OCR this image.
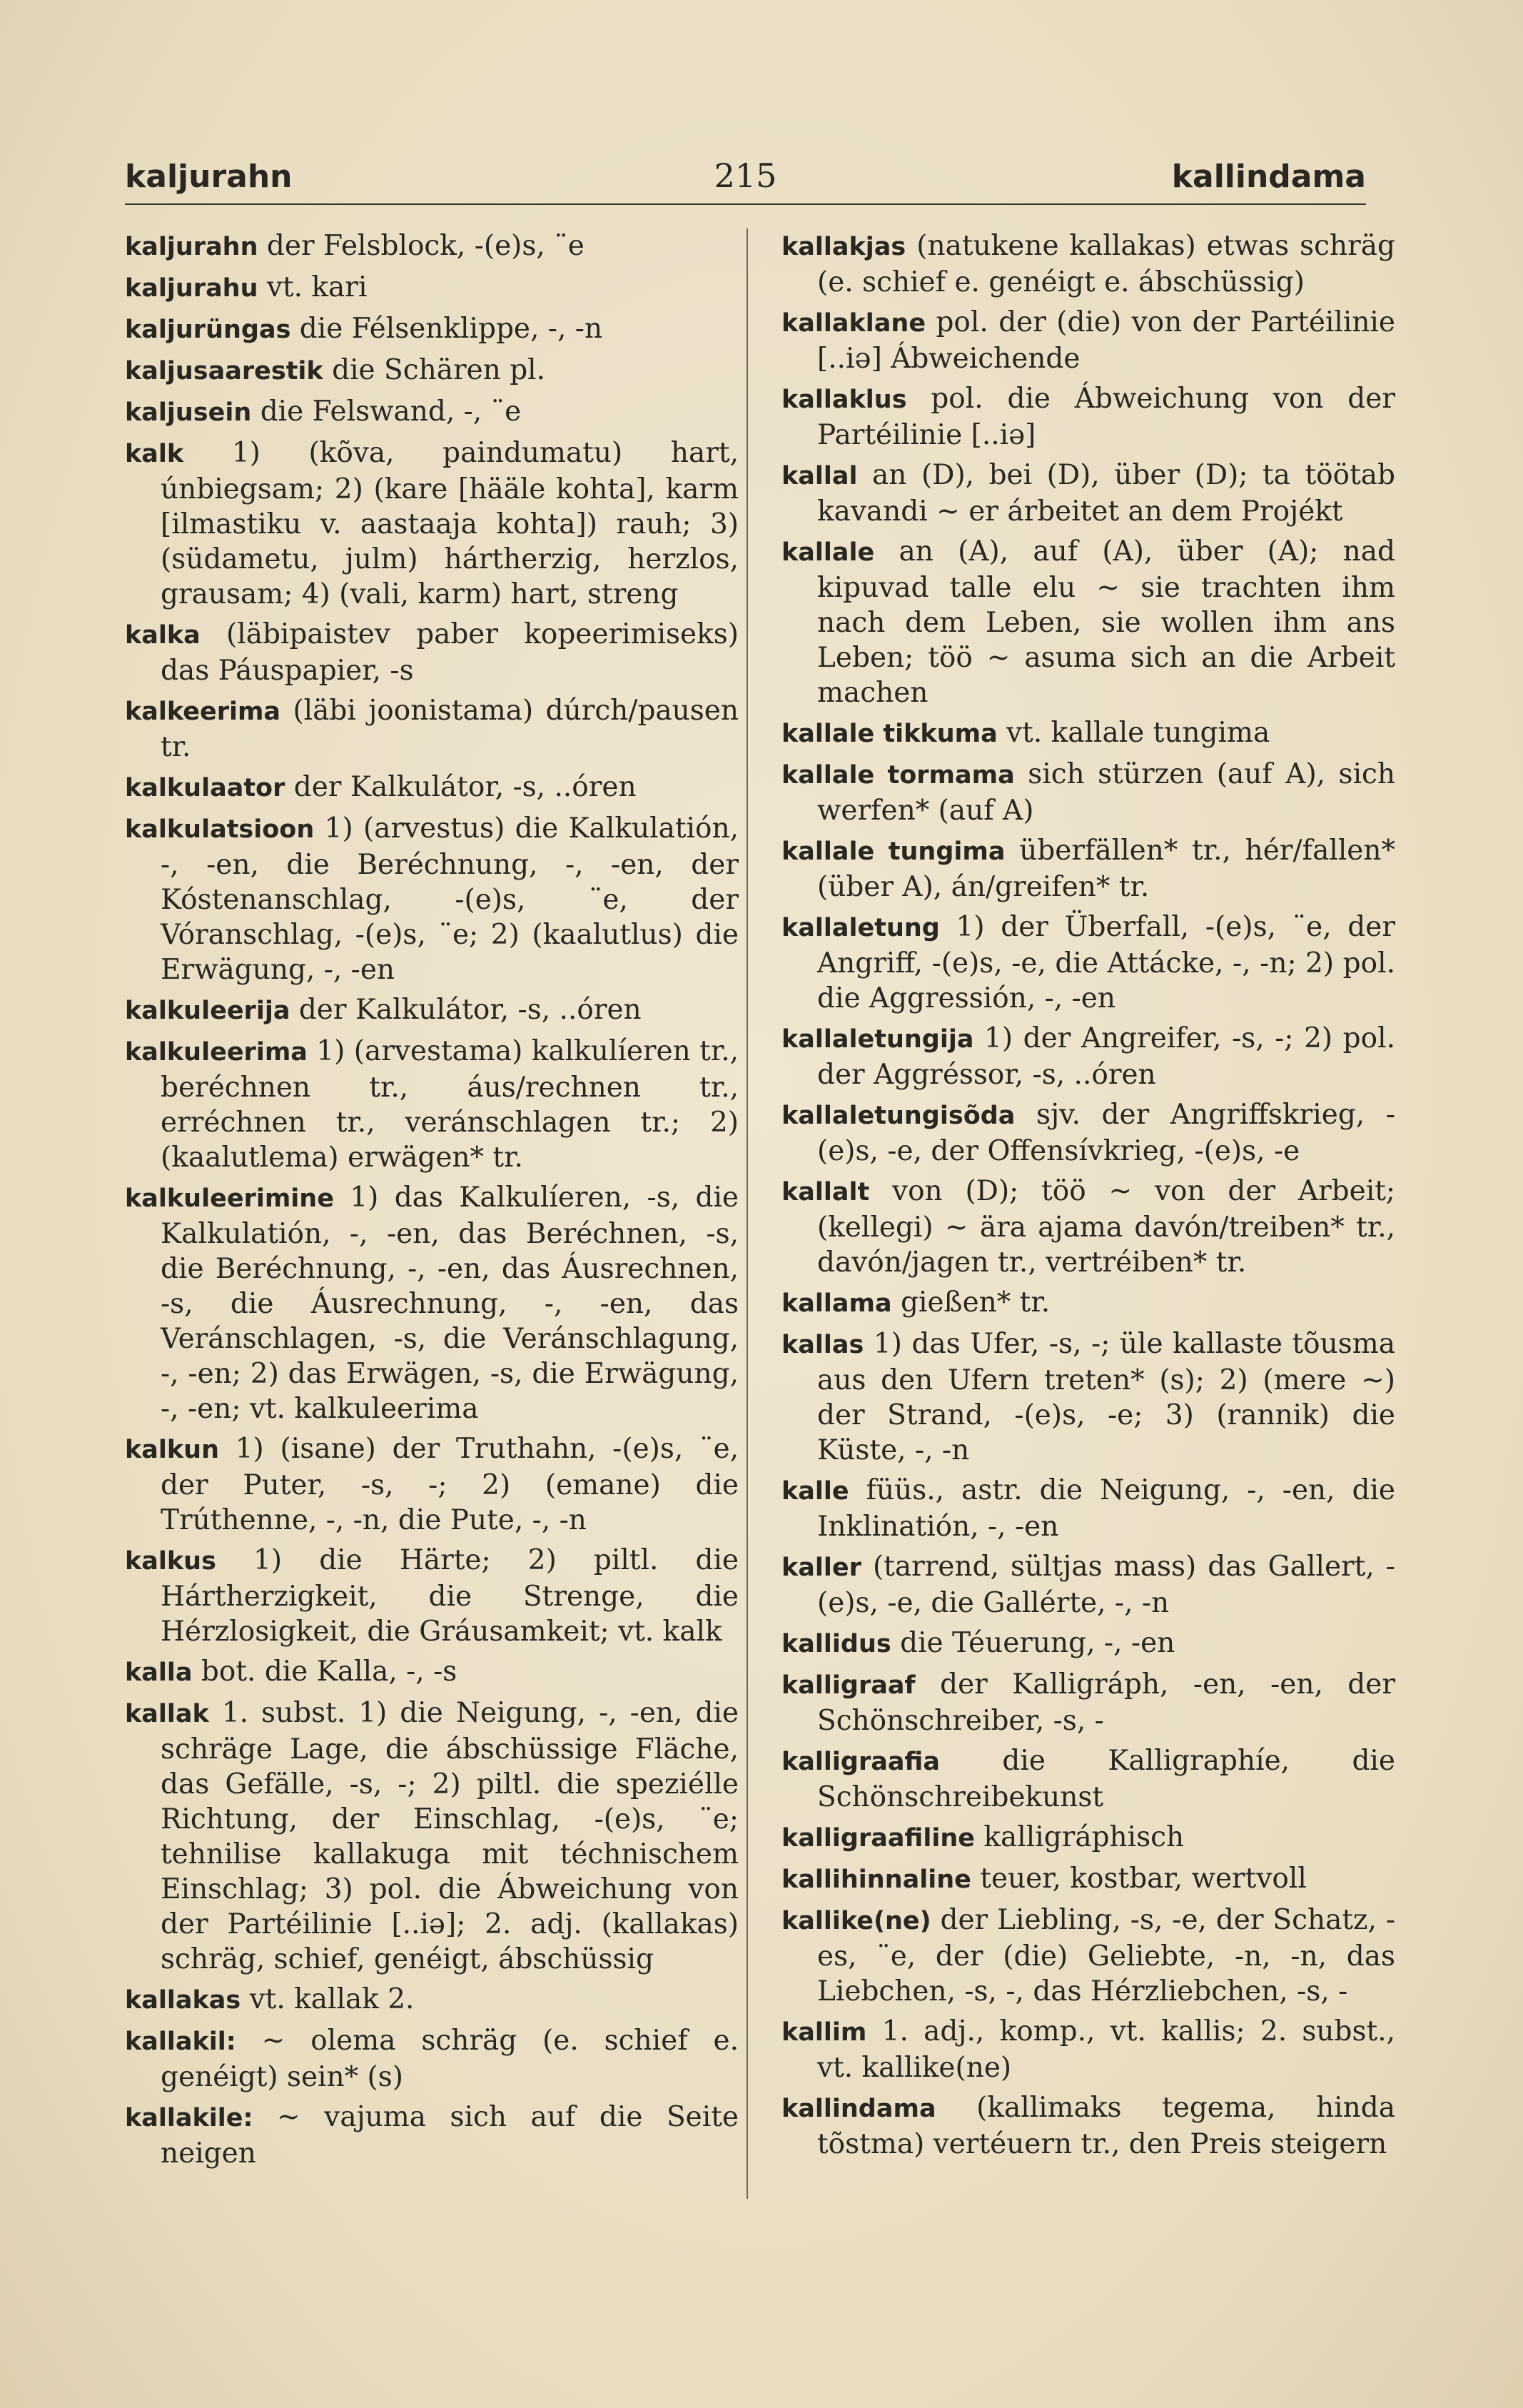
kaljurahn	215	kallindama

kaljurahn der Felsblock, -(e)s, ¨e

kaljurahu vt. kari

kaljurüngas die Félsenklippe, -, -n

kaljusaarestik die Schären pl.

kaljusein die Felswand, -, ¨e

kalk 1) (kõva, paindumatu) hart, únbiegsam; 2) (kare [hääle kohta], karm [ilmastiku v. aastaaja kohta]) rauh; 3) (südametu, julm) hártherzig, herzlos, grausam; 4) (vali, karm) hart, streng

kalka (läbipaistev paber kopeerimiseks) das Páuspapier, -s

kalkeerima (läbi joonistama) dúrch/pausen tr.

kalkulaator der Kalkulátor, -s, ..óren

kalkulatsioon 1) (arvestus) die Kalkulatión, -, -en, die Beréchnung, -, -en, der Kóstenanschlag, -(e)s, ¨e, der Vóranschlag, -(e)s, ¨e; 2) (kaalutlus) die Erwägung, -, -en

kalkuleerija der Kalkulátor, -s, ..óren

kalkuleerima 1) (arvestama) kalkulíeren tr., beréchnen tr., áus/rechnen tr., erréchnen tr., veránschlagen tr.; 2) (kaalutlema) erwägen* tr.

kalkuleerimine 1) das Kalkulíeren, -s, die Kalkulatión, -, -en, das Beréchnen, -s, die Beréchnung, -, -en, das Áusrechnen, -s, die Áusrechnung, -, -en, das Veránschlagen, -s, die Veránschlagung, -, -en; 2) das Erwägen, -s, die Erwägung, -, -en; vt. kalkuleerima

kalkun 1) (isane) der Truthahn, -(e)s, ¨e, der Puter, -s, -; 2) (emane) die Trúthenne, -, -n, die Pute, -, -n

kalkus 1) die Härte; 2) piltl. die Hártherzigkeit, die Strenge, die Hérzlosigkeit, die Gráusamkeit; vt. kalk

kalla bot. die Kalla, -, -s

kallak 1. subst. 1) die Neigung, -, -en, die schräge Lage, die ábschüssige Fläche, das Gefälle, -s, -; 2) piltl. die speziélle Richtung, der Einschlag, -(e)s, ¨e; tehnilise kallakuga mit téchnischem Einschlag; 3) pol. die Ábweichung von der Partéilinie [..iə]; 2. adj. (kallakas) schräg, schief, genéigt, ábschüssig

kallakas vt. kallak 2.

kallakil: ~ olema schräg (e. schief e. genéigt) sein* (s)

kallakile: ~ vajuma sich auf die Seite neigen

kallakjas (natukene kallakas) etwas schräg (e. schief e. genéigt e. ábschüssig)

kallaklane pol. der (die) von der Partéilinie [..iə] Ábweichende

kallaklus pol. die Ábweichung von der Partéilinie [..iə]

kallal an (D), bei (D), über (D); ta töötab kavandi ~ er árbeitet an dem Projékt

kallale an (A), auf (A), über (A); nad kipuvad talle elu ~ sie trachten ihm nach dem Leben, sie wollen ihm ans Leben; töö ~ asuma sich an die Arbeit machen

kallale tikkuma vt. kallale tungima

kallale tormama sich stürzen (auf A), sich werfen* (auf A)

kallale tungima überfällen* tr., hér/fallen* (über A), án/greifen* tr.

kallaletung 1) der Überfall, -(e)s, ¨e, der Angriff, -(e)s, -e, die Attácke, -, -n; 2) pol. die Aggressión, -, -en

kallaletungija 1) der Angreifer, -s, -; 2) pol. der Aggréssor, -s, ..óren

kallaletungisõda sjv. der Angriffskrieg, -(e)s, -e, der Offensívkrieg, -(e)s, -e

kallalt von (D); töö ~ von der Arbeit; (kellegi) ~ ära ajama davón/treiben* tr., davón/jagen tr., vertréiben* tr.

kallama gießen* tr.

kallas 1) das Ufer, -s, -; üle kallaste tõusma aus den Ufern treten* (s); 2) (mere ~) der Strand, -(e)s, -e; 3) (rannik) die Küste, -, -n

kalle füüs., astr. die Neigung, -, -en, die Inklinatión, -, -en

kaller (tarrend, sültjas mass) das Gallert, -(e)s, -e, die Gallérte, -, -n

kallidus die Téuerung, -, -en

kalligraaf der Kalligráph, -en, -en, der Schönschreiber, -s, -

kalligraafia die Kalligraphíe, die Schönschreibekunst

kalligraafiline kalligráphisch

kallihinnaline teuer, kostbar, wertvoll

kallike(ne) der Liebling, -s, -e, der Schatz, -es, ¨e, der (die) Geliebte, -n, -n, das Liebchen, -s, -, das Hérzliebchen, -s, -

kallim 1. adj., komp., vt. kallis; 2. subst., vt. kallike(ne)

kallindama (kallimaks tegema, hinda tõstma) vertéuern tr., den Preis steigern
